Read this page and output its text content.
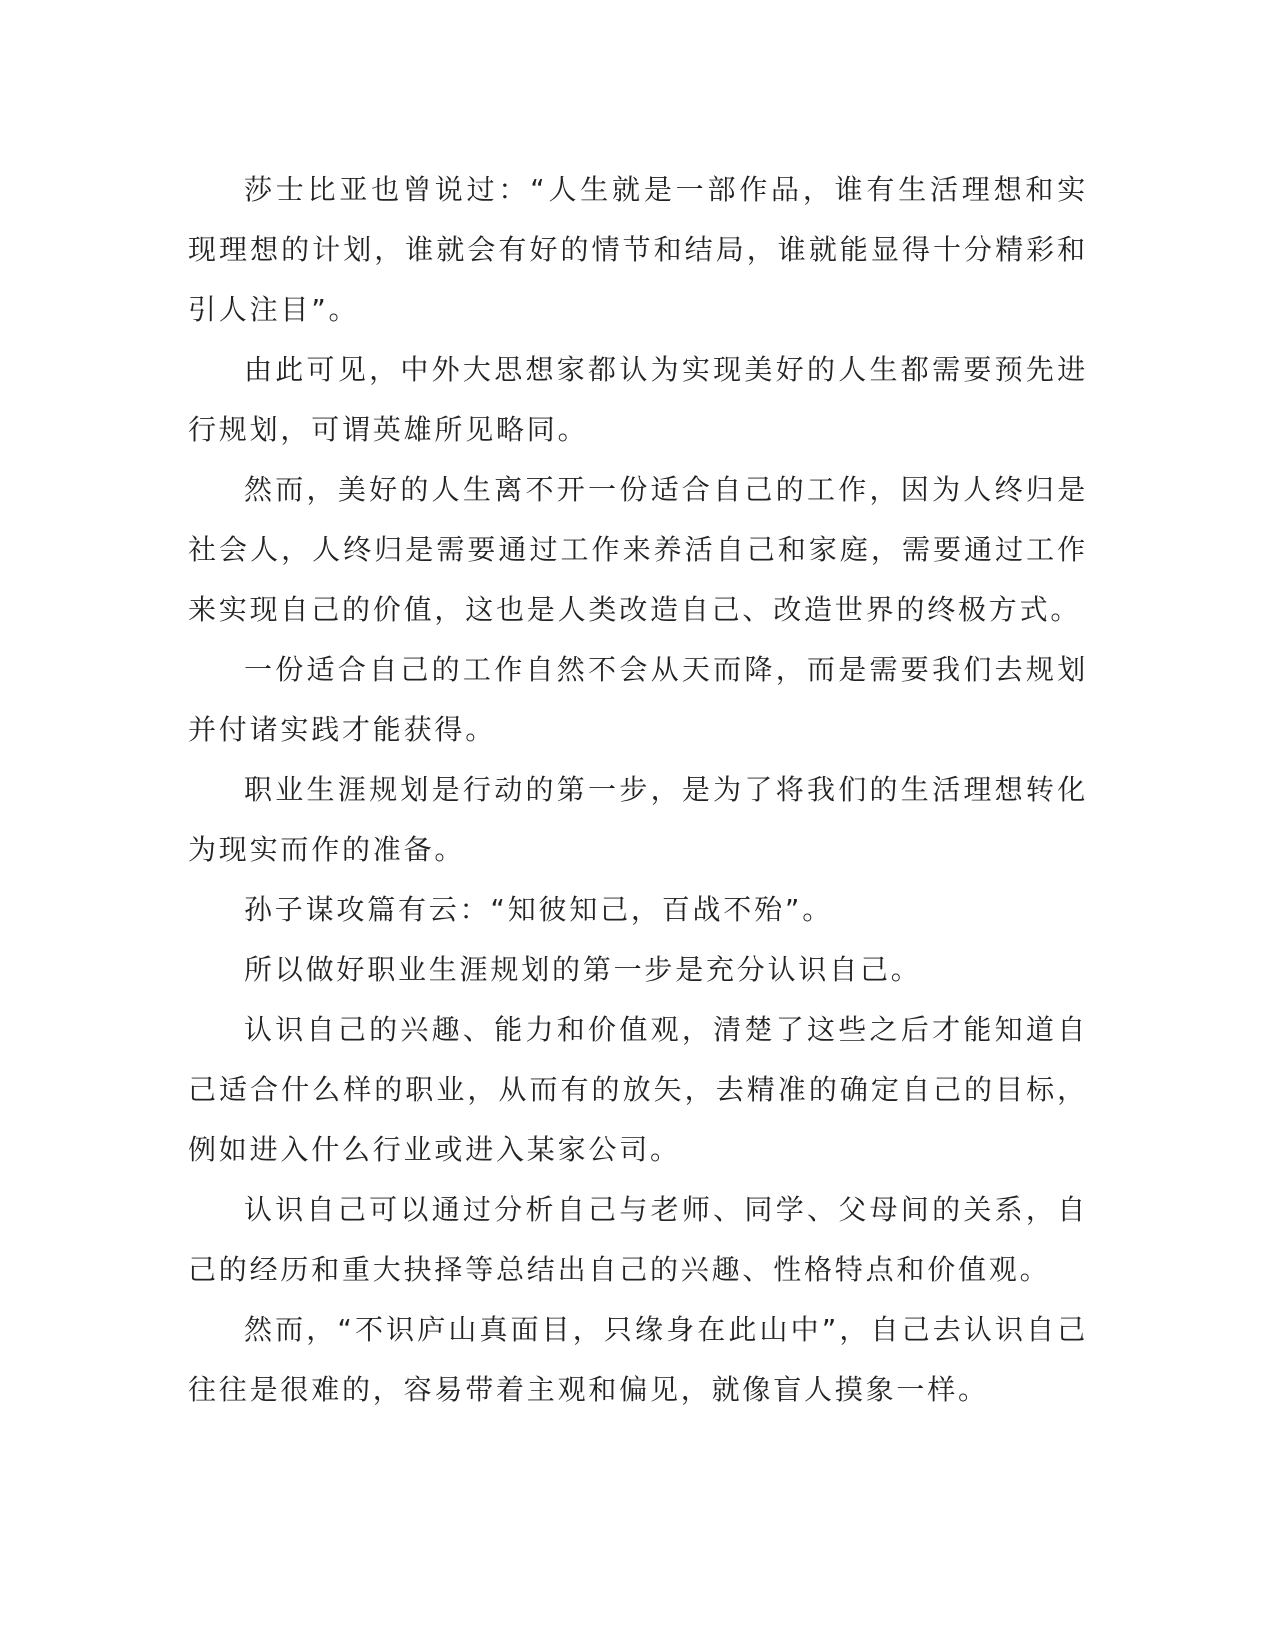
莎士比亚也曾说过：“人生就是一部作品，谁有生活理想和实现理想的计划，谁就会有好的情节和结局，谁就能显得十分精彩和引人注目”。

由此可见，中外大思想家都认为实现美好的人生都需要预先进行规划，可谓英雄所见略同。

然而，美好的人生离不开一份适合自己的工作，因为人终归是社会人，人终归是需要通过工作来养活自己和家庭，需要通过工作来实现自己的价值，这也是人类改造自己、改造世界的终极方式。

一份适合自己的工作自然不会从天而降，而是需要我们去规划并付诸实践才能获得。

职业生涯规划是行动的第一步，是为了将我们的生活理想转化为现实而作的准备。

孙子谋攻篇有云：“知彼知己，百战不殆”。

所以做好职业生涯规划的第一步是充分认识自己。

认识自己的兴趣、能力和价值观，清楚了这些之后才能知道自己适合什么样的职业，从而有的放矢，去精准的确定自己的目标，例如进入什么行业或进入某家公司。

认识自己可以通过分析自己与老师、同学、父母间的关系，自己的经历和重大抉择等总结出自己的兴趣、性格特点和价值观。

然而，“不识庐山真面目，只缘身在此山中”，自己去认识自己往往是很难的，容易带着主观和偏见，就像盲人摸象一样。
